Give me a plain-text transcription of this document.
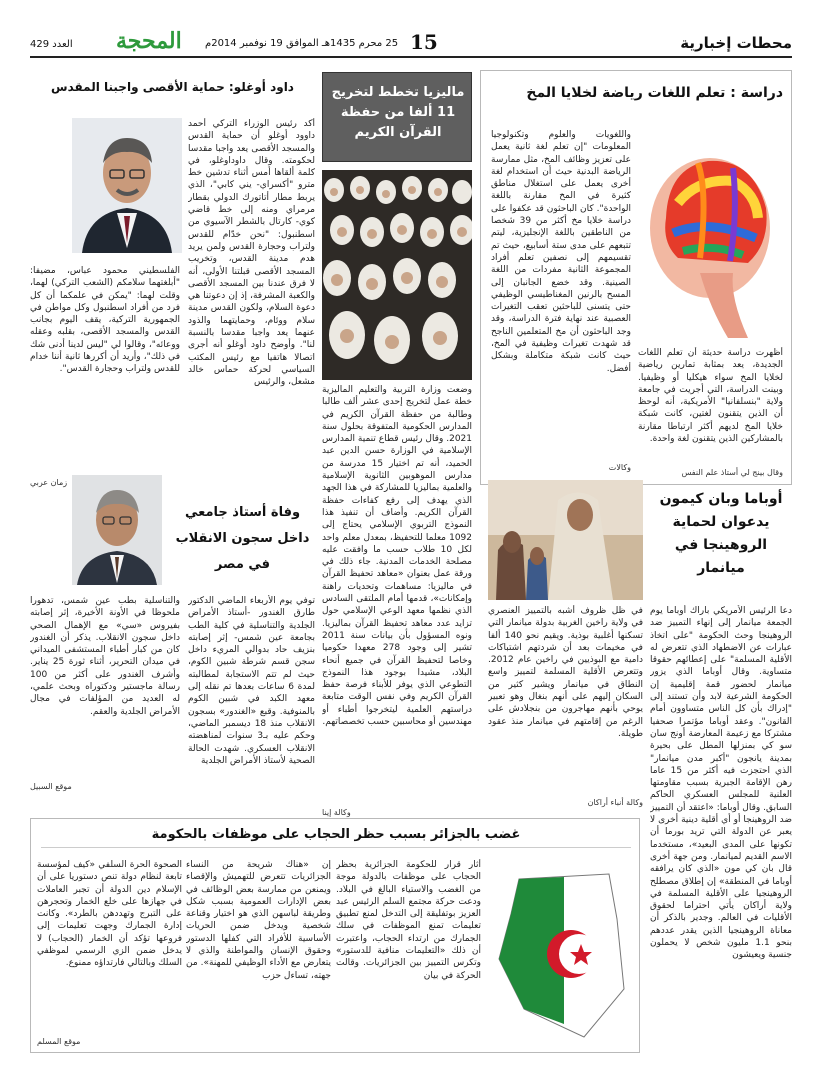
محطات إخبارية
15
25 محرم 1435هـ الموافق 19 نوفمبر 2014م
المحجة
العدد 429
دراسة : تعلم اللغات رياضة لخلايا المخ
أظهرت دراسة حديثة أن تعلم اللغات الجديدة، يعد بمثابة تمارين رياضية لخلايا المخ سواء هيكليا أو وظيفيا. وبينت الدراسة، التي أجريت في جامعة ولاية "بنسلفانيا" الأمريكية، أنه لوحظ أن الذين يتقنون لغتين، كانت شبكة خلايا المخ لديهم أكثر ارتباطا مقارنة بالمشاركين الذين يتقنون لغة واحدة.
وقال بينج لي أستاذ علم النفس
واللغويات والعلوم وتكنولوجيا المعلومات "إن تعلم لغة ثانية يعمل على تعزيز وظائف المخ، مثل ممارسة الرياضة البدنية حيث أن استخدام لغة أخرى يعمل على استغلال مناطق كثيرة في المخ مقارنة باللغة الواحدة". كان الباحثون قد عكفوا على دراسة خلايا مخ أكثر من 39 شخصا من الناطقين باللغة الإنجليزية، ليتم تتبعهم على مدى ستة أسابيع، حيث تم تقسيمهم إلى نصفين تعلم أفراد المجموعة الثانية مفردات من اللغة الصينية. وقد خضع الجانبان إلى المسح بالرنين المغناطيسي الوظيفي حتى يتسنى للباحثين تعقب التغيرات العصبية عند نهاية فترة الدراسة، وقد وجد الباحثون أن مخ المتعلمين الناجح قد شهدت تغيرات وظيفية في المخ، حيث كانت شبكة متكاملة وبشكل أفضل.
وكالات
ماليزيا تخطط لتخريج 11 ألفا من حفظة القرآن الكريم
وضعت وزارة التربية والتعليم الماليزية خطة عمل لتخريج إحدى عشر ألف طالبا وطالبة من حفظة القرآن الكريم في المدارس الحكومية المتفوقة بحلول سنة 2021. وقال رئيس قطاع تنمية المدارس الإسلامية في الوزارة حسن الدين عبد الحميد، أنه تم اختيار 15 مدرسة من مدارس الموهوبين الثانوية الإسلامية والعلمية بماليزيا للمشاركة في هذا الجهد الذي يهدف إلى رفع كفاءات حفظة القرآن الكريم. وأضاف أن تنفيذ هذا النموذج التربوي الإسلامي يحتاج إلى 1092 معلما للتحفيظ، بمعدل معلم واحد لكل 10 طلاب حسب ما وافقت عليه مصلحة الخدمات المدنية. جاء ذلك في ورقة عمل بعنوان «معاهد تحفيظ القرآن في ماليزيا: مساهمات وتحديات راهنة وإمكانات»، قدمها أمام الملتقى السادس الذي نظمها معهد الوعي الإسلامي حول تزايد عدد معاهد تحفيظ القرآن بماليزيا. ونوه المسؤول بأن بيانات سنة 2011 تشير إلى وجود 278 معهدا حكوميا وخاصا لتحفيظ القرآن في جميع أنحاء البلاد، مشيدا بوجود هذا النموذج التطوعي الذي يوفر للأبناء فرصة حفظ القرآن الكريم وفي نفس الوقت متابعة دراستهم العلمية ليتخرجوا أطباء أو مهندسين أو محاسبين حسب تخصصاتهم.
وكالة إينا
داود أوغلو: حماية الأقصى واجبنا المقدس
أكد رئيس الوزراء التركي أحمد داوود أوغلو أن حماية القدس والمسجد الأقصى يعد واجبا مقدسا لحكومته. وقال داوداوغلو، في كلمة ألقاها أمس أثناء تدشين خط مترو "أكسراي- يني كابي"، الذي يربط مطار أتاتورك الدولي بقطار مرمراي ومنه إلى خط قاضي كوي- كارتال بالشطر الآسيوي من اسطنبول: "نحن خدّام للقدس ولتراب وحجارة القدس ولمن يريد هدم مدينة القدس، وتخريب المسجد الأقصى قبلتنا الأولى، أنه لا فرق عندنا بين المسجد الأقصى والكعبة المشرفة، إذ إن دعوتنا هي دعوة السلام، ولكون القدس مدينة سلام ووئام، وحمايتهما والذود عنهما يعد واجبا مقدسا بالنسبة لنا". وأوضح داود أوغلو أنه أجرى اتصالا هاتفيا مع رئيس المكتب السياسي لحركة حماس خالد مشعل، والرئيس
الفلسطيني محمود عباس، مضيفا: "أبلغتهما سلامكم (الشعب التركي) لهما، وقلت لهما: "يمكن في علمكما أن كل فرد من أفراد اسطنبول وكل مواطن في الجمهورية التركية، يقف اليوم بجانب القدس والمسجد الأقصى، بقلبه وعقله ووعائه"، وقالوا لي "ليس لدينا أدنى شك في ذلك"، وأريد أن أكررها ثانية أننا خدام للقدس ولتراب وحجارة القدس".
زمان عربي
وفاة أستاذ جامعي داخل سجون الانقلاب في مصر
توفي يوم الأربعاء الماضي الدكتور طارق الغندور -أستاذ الأمراض الجلدية والتناسلية في كلية الطب بجامعة عين شمس- إثر إصابته بنزيف حاد بدوالي المريء داخل سجن قسم شرطة شبين الكوم، حيث لم تتم الاستجابة لمطالبته لمدة 6 ساعات بعدها تم نقله إلى معهد الكبد في شبين الكوم بالمنوفية. وقبع «الغندور» بسجون الانقلاب منذ 18 ديسمبر الماضي، وحكم عليه بـ3 سنوات لمناهضته الانقلاب العسكري. شهدت الحالة الصحية لأستاذ الأمراض الجلدية
والتناسلية بطب عين شمس، تدهورا ملحوظا في الأونة الأخيرة، إثر إصابته بفيروس «سي» مع الإهمال الصحي داخل سجون الانقلاب. يذكر أن الغندور كان من كبار أطباء المستشفى الميداني في ميدان التحرير، أثناء ثورة 25 يناير. وأشرف الغندور على أكثر من 100 رسالة ماجستير ودكتوراه وبحث علمي، له العديد من المؤلفات في مجال الأمراض الجلدية والعقم.
موقع السبيل
أوباما وبان كيمون يدعوان لحماية الروهينجا في ميانمار
دعا الرئيس الأمريكي باراك أوباما يوم الجمعة ميانمار إلى إنهاء التمييز ضد الروهينجا وحث الحكومة "على اتخاذ عبارات عن الاضطهاد الذي تتعرض له الأقلية المسلمة" على إعطائهم حقوقا متساوية. وقال أوباما الذي يزور ميانمار لحضور قمة إقليمية إن الحكومة الشرعية لابد وأن تستند إلى "إدراك بأن كل الناس متساوون أمام القانون". وعقد أوباما مؤتمرا صحفيا مشتركا مع زعيمة المعارضة أونج سان سو كي بمنزلها المطل على بحيرة بمدينة يانجون "أكبر مدن ميانمار" الذي احتجزت فيه أكثر من 15 عاما رهن الإقامة الجبرية بسبب مقاومتها العلنية للمجلس العسكري الحاكم السابق. وقال أوباما: «اعتقد أن التمييز ضد الروهينجا أو أي أقلية دينية أخرى لا يعبر عن الدولة التي تريد بورما أن تكونها على المدى البعيد»، مستخدما الاسم القديم لميانمار. ومن جهة أخرى قال بان كي مون «الذي كان يرافقه أوباما في المنطقة» إن إطلاق مصطلح الروهينجيا على الأقلية المسلمة في ولاية أراكان يأتي احتراما لحقوق الأقليات في العالم. وجدير بالذكر أن معاناة الروهينجيا الذين يقدر عددهم بنحو 1.1 مليون شخص لا يحملون جنسية ويعيشون
في ظل ظروف أشبه بالتمييز العنصري في ولاية راخين الغربية بدولة ميانمار التي تسكنها أغلبية بوذية. ويقيم نحو 140 ألفا في مخيمات بعد أن شردتهم اشتباكات دامية مع البوذيين في راخين عام 2012. وتتعرض الأقلية المسلمة لتمييز واسع النطاق في ميانمار ويشير كثير من السكان إليهم على أنهم بنغال وهو تعبير يوحي بأنهم مهاجرون من بنجلادش على الرغم من إقامتهم في ميانمار منذ عقود طويلة.
وكالة أنباء أراكان
غضب بالجزائر بسبب حظر الحجاب على موظفات بالحكومة
أثار قرار للحكومة الجزائرية بحظر الحجاب على موظفات بالدولة موجة من الغضب والاستياء البالغ في البلاد. ودعت حركة مجتمع السلم الرئيس عبد العزيز بوتفليقة إلى التدخل لمنع تطبيق تعليمات تمنع الموظفات في سلك الجمارك من ارتداء الحجاب، واعتبرت أن ذلك «التعليمات منافية للدستور» وتكرس التمييز بين الجزائريات. وقالت الحركة في بيان
إن «هناك شريحة من النساء الجزائريات تتعرض للتهميش والإقصاء ويمنعن من ممارسة بعض الوظائف في بعض الإدارات العمومية بسبب شكل وطريقة لباسهن الذي هو اختيار وقناعة شخصية ويدخل ضمن الحريات الأساسية للأفراد التي كفلها الدستور وحقوق الإنسان والمواطنة والذي لا يتعارض مع الأداء الوظيفي للمهنة». من جهته، تساءل حزب
الصحوة الحرة السلفي «كيف لمؤسسة تابعة لنظام دولة تنص دستوريا على أن الإسلام دين الدولة أن تجبر العاملات في جهازها على خلع الخمار وتحجرهن على التبرج وتهددهن بالطرد». وكانت إدارة الجمارك وجهت تعليمات إلى فروعها تؤكد أن الخمار (الحجاب) لا يدخل ضمن الزي الرسمي لموظفي السلك وبالتالي فارتداؤه ممنوع.
موقع المسلم
